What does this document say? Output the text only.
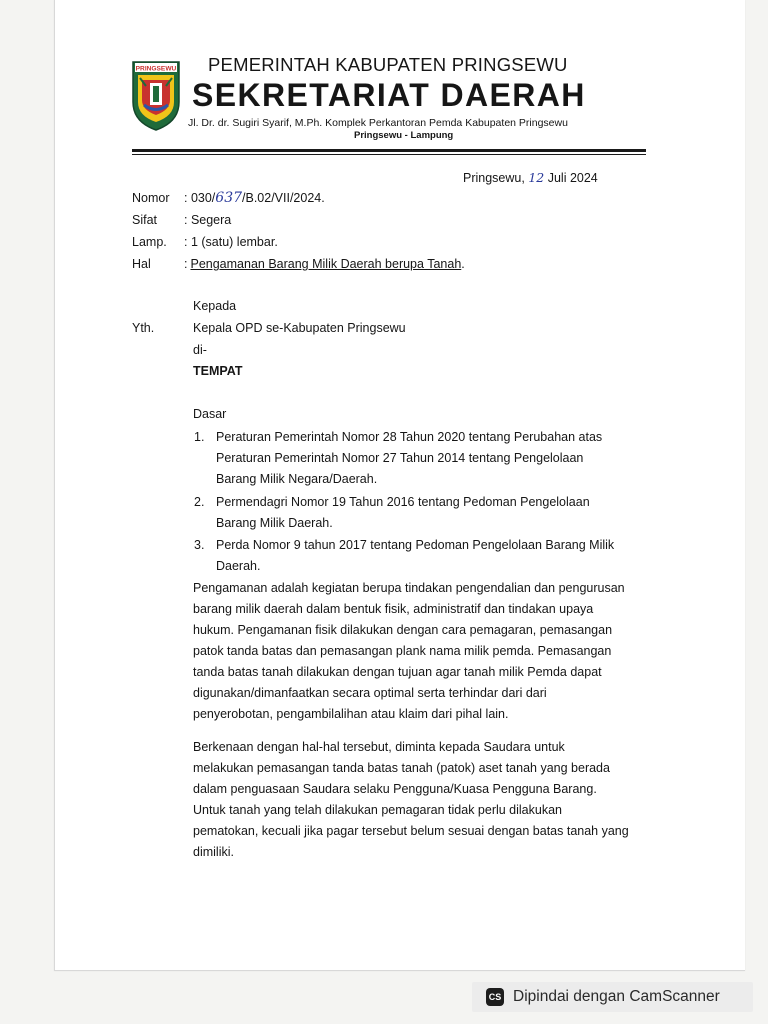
PRINGSEWU PEMERINTAH KABUPATEN PRINGSEWU
SEKRETARIAT DAERAH
Jl. Dr. dr. Sugiri Syarif, M.Ph. Komplek Perkantoran Pemda Kabupaten Pringsewu
Pringsewu - Lampung
Pringsewu, 12 Juli 2024
Nomor : 030/637/B.02/VII/2024.
Sifat : Segera
Lamp. : 1 (satu) lembar.
Hal	: Pengamanan Barang Milik Daerah berupa Tanah.
Kepada
Yth.	Kepala OPD se-Kabupaten Pringsewu
di-
TEMPAT
Dasar
1. Peraturan Pemerintah Nomor 28 Tahun 2020 tentang Perubahan atas
Peraturan Pemerintah Nomor 27 Tahun 2014 tentang Pengelolaan
Barang Milik Negara/Daerah.
2. Permendagri Nomor 19 Tahun 2016 tentang Pedoman Pengelolaan
Barang Milik Daerah.
3. Perda Nomor 9 tahun 2017 tentang Pedoman Pengelolaan Barang Milik
Daerah.
Pengamanan adalah kegiatan berupa tindakan pengendalian dan pengurusan
barang milik daerah dalam bentuk fisik, administratif dan tindakan upaya
hukum. Pengamanan fisik dilakukan dengan cara pemagaran, pemasangan
patok tanda batas dan pemasangan plank nama milik pemda. Pemasangan
tanda batas tanah dilakukan dengan tujuan agar tanah milik Pemda dapat
digunakan/dimanfaatkan secara optimal serta terhindar dari dari
penyerobotan, pengambilalihan atau klaim dari pihal lain.
Berkenaan dengan hal-hal tersebut, diminta kepada Saudara untuk
melakukan pemasangan tanda batas tanah (patok) aset tanah yang berada
dalam penguasaan Saudara selaku Pengguna/Kuasa Pengguna Barang.
Untuk tanah yang telah dilakukan pemagaran tidak perlu dilakukan
pematokan, kecuali jika pagar tersebut belum sesuai dengan batas tanah yang
dimiliki.
CS Dipindai dengan CamScanner
